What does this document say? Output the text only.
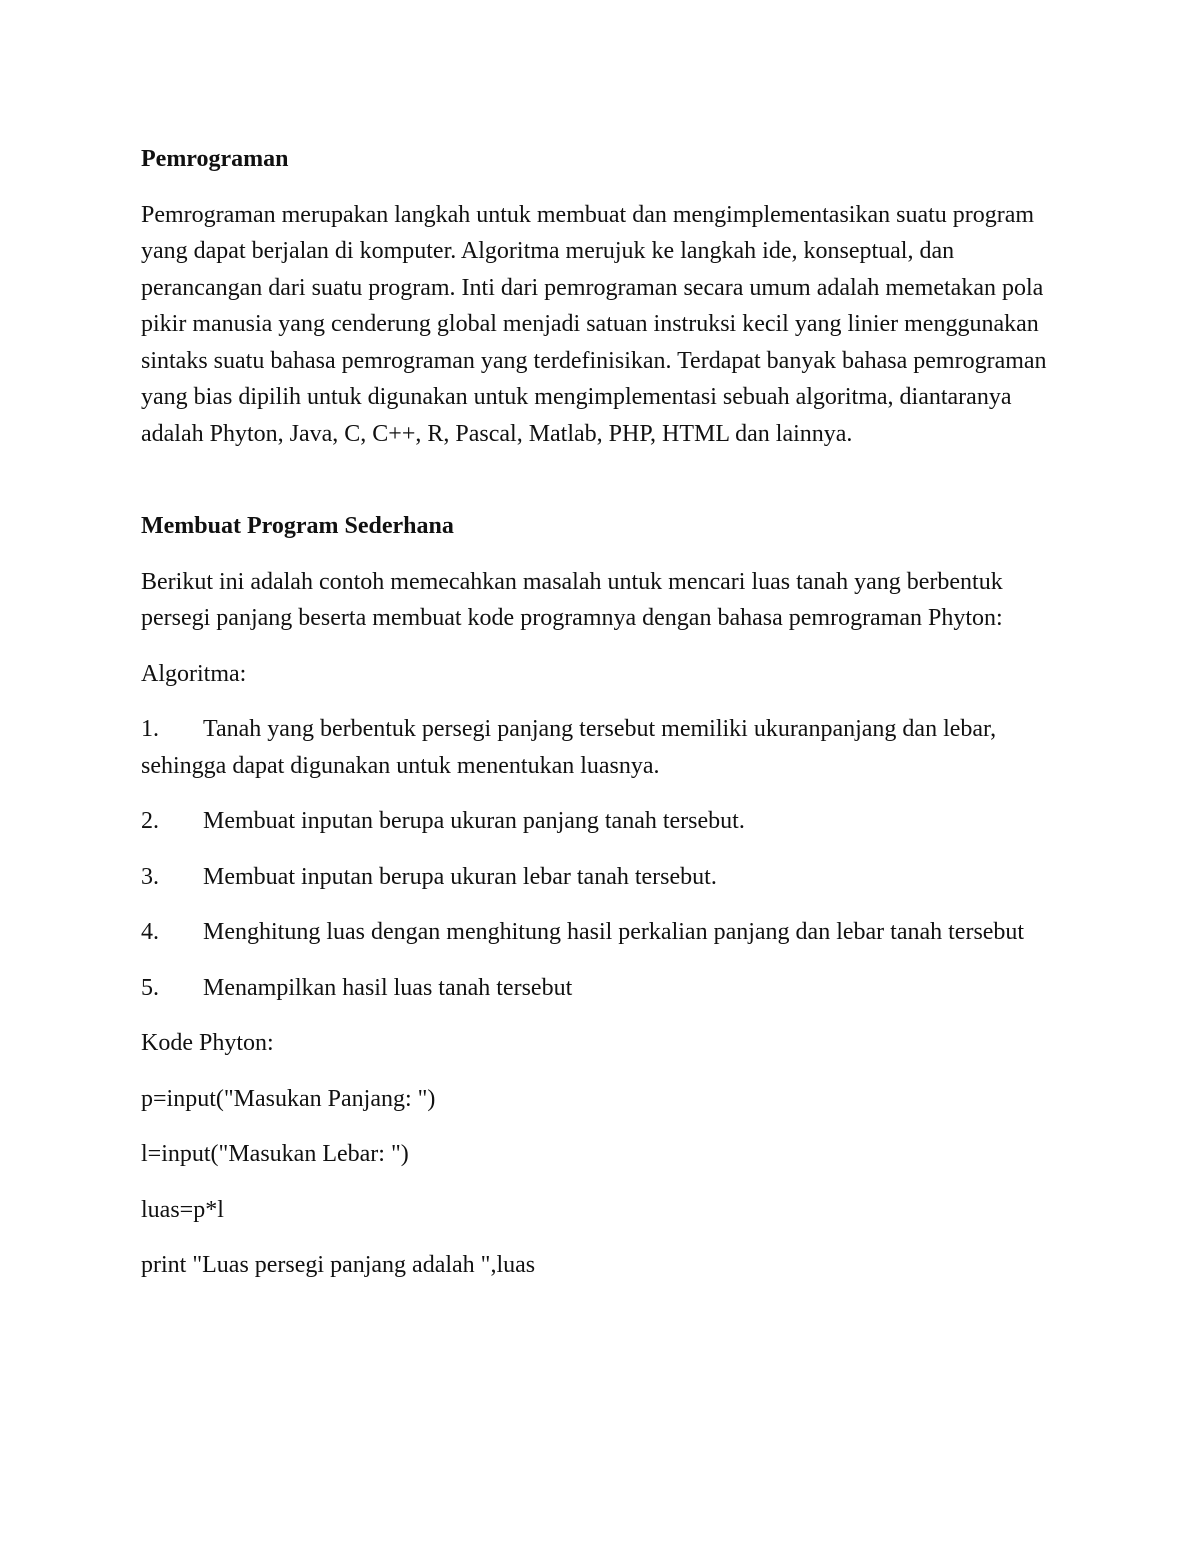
Pemrograman
Pemrograman merupakan langkah untuk membuat dan mengimplementasikan suatu program yang dapat berjalan di komputer. Algoritma merujuk ke langkah ide, konseptual, dan perancangan dari suatu program. Inti dari pemrograman secara umum adalah memetakan pola pikir manusia yang cenderung global menjadi satuan instruksi kecil yang linier menggunakan sintaks suatu bahasa pemrograman yang terdefinisikan. Terdapat banyak bahasa pemrograman yang bias dipilih untuk digunakan untuk mengimplementasi sebuah algoritma, diantaranya adalah Phyton, Java, C, C++, R, Pascal, Matlab, PHP, HTML dan lainnya.
Membuat Program Sederhana
Berikut ini adalah contoh memecahkan masalah untuk mencari luas tanah yang berbentuk persegi panjang beserta membuat kode programnya dengan bahasa pemrograman Phyton:
Algoritma:
1. Tanah yang berbentuk persegi panjang tersebut memiliki ukuranpanjang dan lebar, sehingga dapat digunakan untuk menentukan luasnya.
2. Membuat inputan berupa ukuran panjang tanah tersebut.
3. Membuat inputan berupa ukuran lebar tanah tersebut.
4. Menghitung luas dengan menghitung hasil perkalian panjang dan lebar tanah tersebut
5. Menampilkan hasil luas tanah tersebut
Kode Phyton:
p=input("Masukan Panjang: ")
l=input("Masukan Lebar: ")
luas=p*l
print "Luas persegi panjang adalah ",luas
